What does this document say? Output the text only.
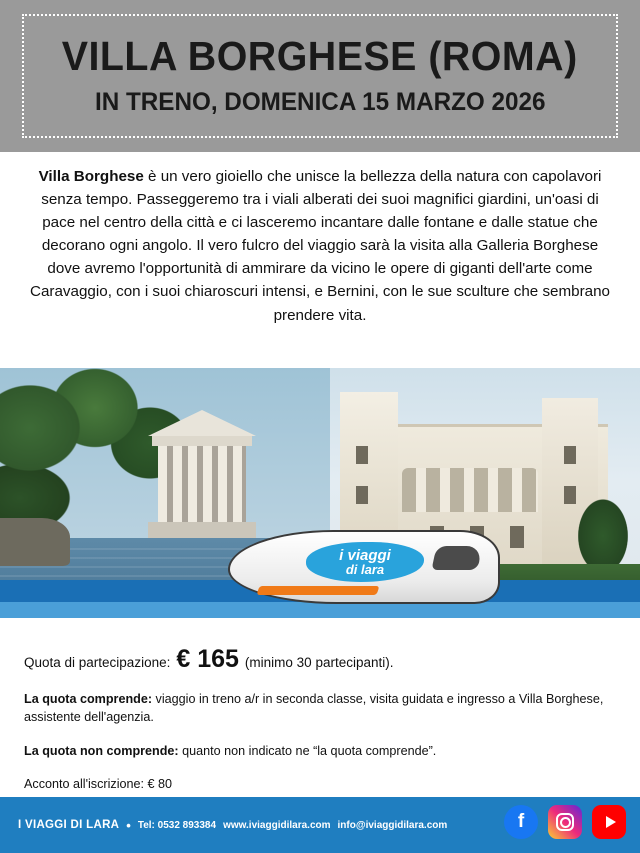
VILLA BORGHESE (ROMA)
IN TRENO, DOMENICA 15 MARZO 2026
Villa Borghese è un vero gioiello che unisce la bellezza della natura con capolavori senza tempo. Passeggeremo tra i viali alberati dei suoi magnifici giardini, un'oasi di pace nel centro della città e ci lasceremo incantare dalle fontane e dalle statue che decorano ogni angolo. Il vero fulcro del viaggio sarà la visita alla Galleria Borghese dove avremo l'opportunità di ammirare da vicino le opere di giganti dell'arte come Caravaggio, con i suoi chiaroscuri intensi, e Bernini, con le sue sculture che sembrano prendere vita.
i viaggi
di lara
Quota di partecipazione: € 165 (minimo 30 partecipanti).
La quota comprende: viaggio in treno a/r in seconda classe, visita guidata e ingresso a Villa Borghese, assistente dell'agenzia.
La quota non comprende: quanto non indicato ne “la quota comprende”.
Acconto all'iscrizione: € 80
I VIAGGI DI LARA • Tel: 0532 893384 www.iviaggidilara.com info@iviaggidilara.com	f
